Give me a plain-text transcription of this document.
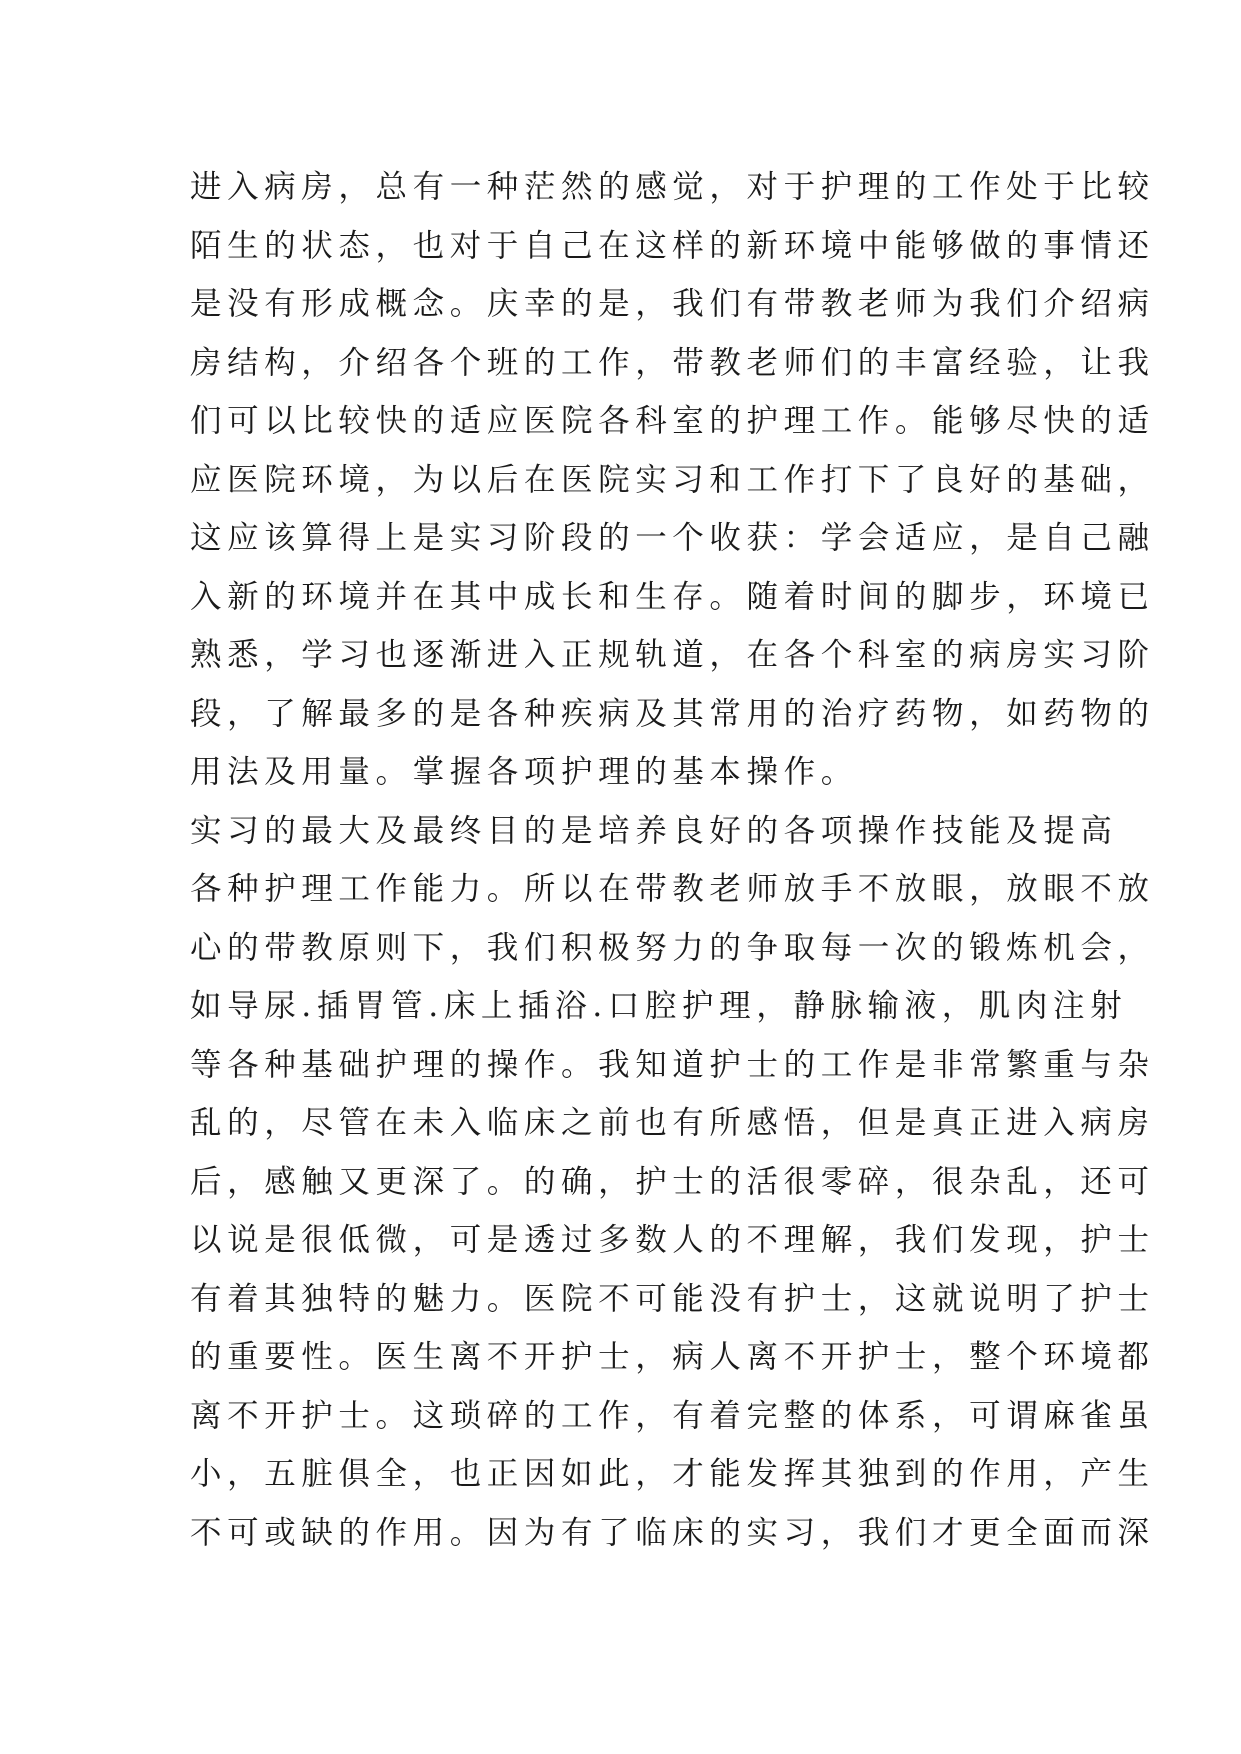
进入病房，总有一种茫然的感觉，对于护理的工作处于比较
陌生的状态，也对于自己在这样的新环境中能够做的事情还
是没有形成概念。庆幸的是，我们有带教老师为我们介绍病
房结构，介绍各个班的工作，带教老师们的丰富经验，让我
们可以比较快的适应医院各科室的护理工作。能够尽快的适
应医院环境，为以后在医院实习和工作打下了良好的基础，
这应该算得上是实习阶段的一个收获：学会适应，是自己融
入新的环境并在其中成长和生存。随着时间的脚步，环境已
熟悉，学习也逐渐进入正规轨道，在各个科室的病房实习阶
段，了解最多的是各种疾病及其常用的治疗药物，如药物的
用法及用量。掌握各项护理的基本操作。
实习的最大及最终目的是培养良好的各项操作技能及提高
各种护理工作能力。所以在带教老师放手不放眼，放眼不放
心的带教原则下，我们积极努力的争取每一次的锻炼机会，
如导尿.插胃管.床上插浴.口腔护理，静脉输液，肌肉注射
等各种基础护理的操作。我知道护士的工作是非常繁重与杂
乱的，尽管在未入临床之前也有所感悟，但是真正进入病房
后，感触又更深了。的确，护士的活很零碎，很杂乱，还可
以说是很低微，可是透过多数人的不理解，我们发现，护士
有着其独特的魅力。医院不可能没有护士，这就说明了护士
的重要性。医生离不开护士，病人离不开护士，整个环境都
离不开护士。这琐碎的工作，有着完整的体系，可谓麻雀虽
小，五脏俱全，也正因如此，才能发挥其独到的作用，产生
不可或缺的作用。因为有了临床的实习，我们才更全面而深
